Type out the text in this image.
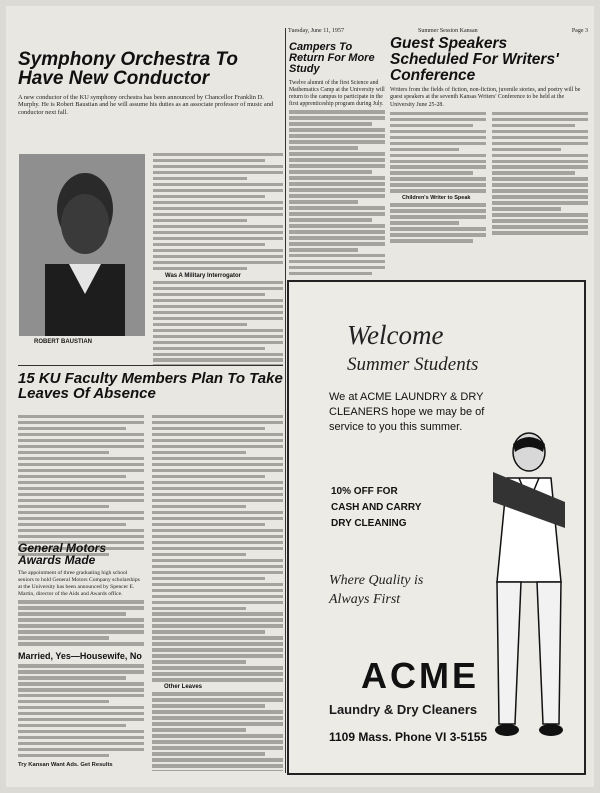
Tuesday, June 11, 1957	Summer Session Kansan	Page 3
Symphony Orchestra To Have New Conductor

A new conductor of the KU symphony orchestra has been announced by Chancellor Franklin D. Murphy. He is Robert Baustian and he will assume his duties as an associate professor of music and conductor next fall.

ROBERT BAUSTIAN
Was A Military Interrogator
Campers To Return For More Study

Twelve alumni of the first Science and Mathematics Camp at the University will return to the campus to participate in the first apprenticeship program during July.

Guest Speakers Scheduled For Writers' Conference

Writers from the fields of fiction, non-fiction, juvenile stories, and poetry will be guest speakers at the seventh Kansas Writers' Conference to be held at the University June 25-28.

Children's Writer to Speak
15 KU Faculty Members Plan To Take Leaves Of Absence
Other Leaves
General Motors Awards Made

The appointment of three graduating high school seniors to hold General Motors Company scholarships at the University has been announced by Spencer E. Martin, director of the Aids and Awards office.

Married, Yes—Housewife, No
Try Kansan Want Ads. Get Results
Welcome
Summer Students
We at ACME LAUNDRY & DRY CLEANERS hope we may be of service to you this summer.
10% OFF FOR
CASH AND CARRY
DRY CLEANING
Where Quality is Always First
ACME
Laundry & Dry Cleaners
1109 Mass. Phone VI 3-5155
